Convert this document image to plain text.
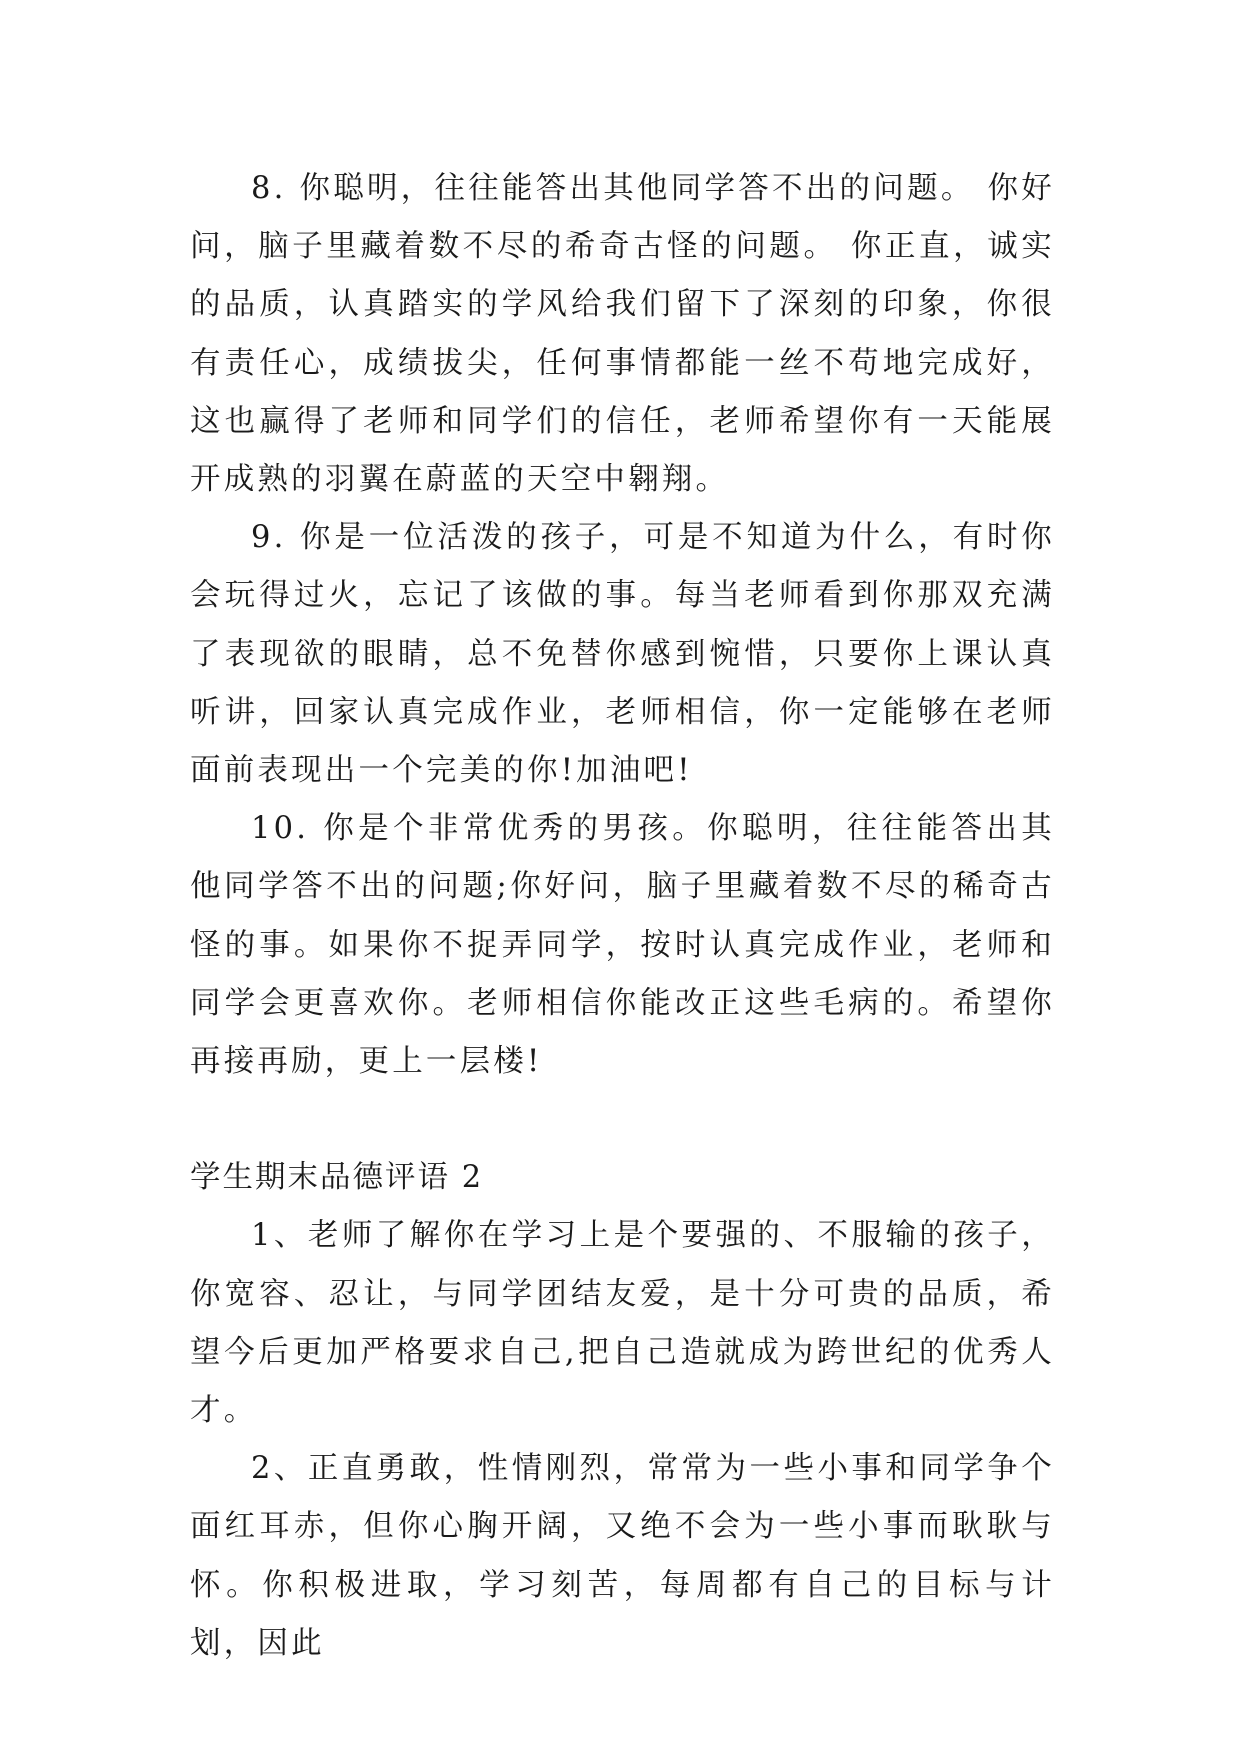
8. 你聪明，往往能答出其他同学答不出的问题。 你好问，脑子里藏着数不尽的希奇古怪的问题。 你正直，诚实的品质，认真踏实的学风给我们留下了深刻的印象，你很有责任心，成绩拔尖，任何事情都能一丝不苟地完成好，这也赢得了老师和同学们的信任，老师希望你有一天能展开成熟的羽翼在蔚蓝的天空中翱翔。

9. 你是一位活泼的孩子，可是不知道为什么，有时你会玩得过火，忘记了该做的事。每当老师看到你那双充满了表现欲的眼睛，总不免替你感到惋惜，只要你上课认真听讲，回家认真完成作业，老师相信，你一定能够在老师面前表现出一个完美的你!加油吧!

10. 你是个非常优秀的男孩。你聪明，往往能答出其他同学答不出的问题;你好问，脑子里藏着数不尽的稀奇古怪的事。如果你不捉弄同学，按时认真完成作业，老师和同学会更喜欢你。老师相信你能改正这些毛病的。希望你再接再励，更上一层楼!

学生期末品德评语 2

1、老师了解你在学习上是个要强的、不服输的孩子，你宽容、忍让，与同学团结友爱，是十分可贵的品质，希望今后更加严格要求自己,把自己造就成为跨世纪的优秀人才。

2、正直勇敢，性情刚烈，常常为一些小事和同学争个面红耳赤，但你心胸开阔，又绝不会为一些小事而耿耿与怀。你积极进取，学习刻苦，每周都有自己的目标与计划，因此
